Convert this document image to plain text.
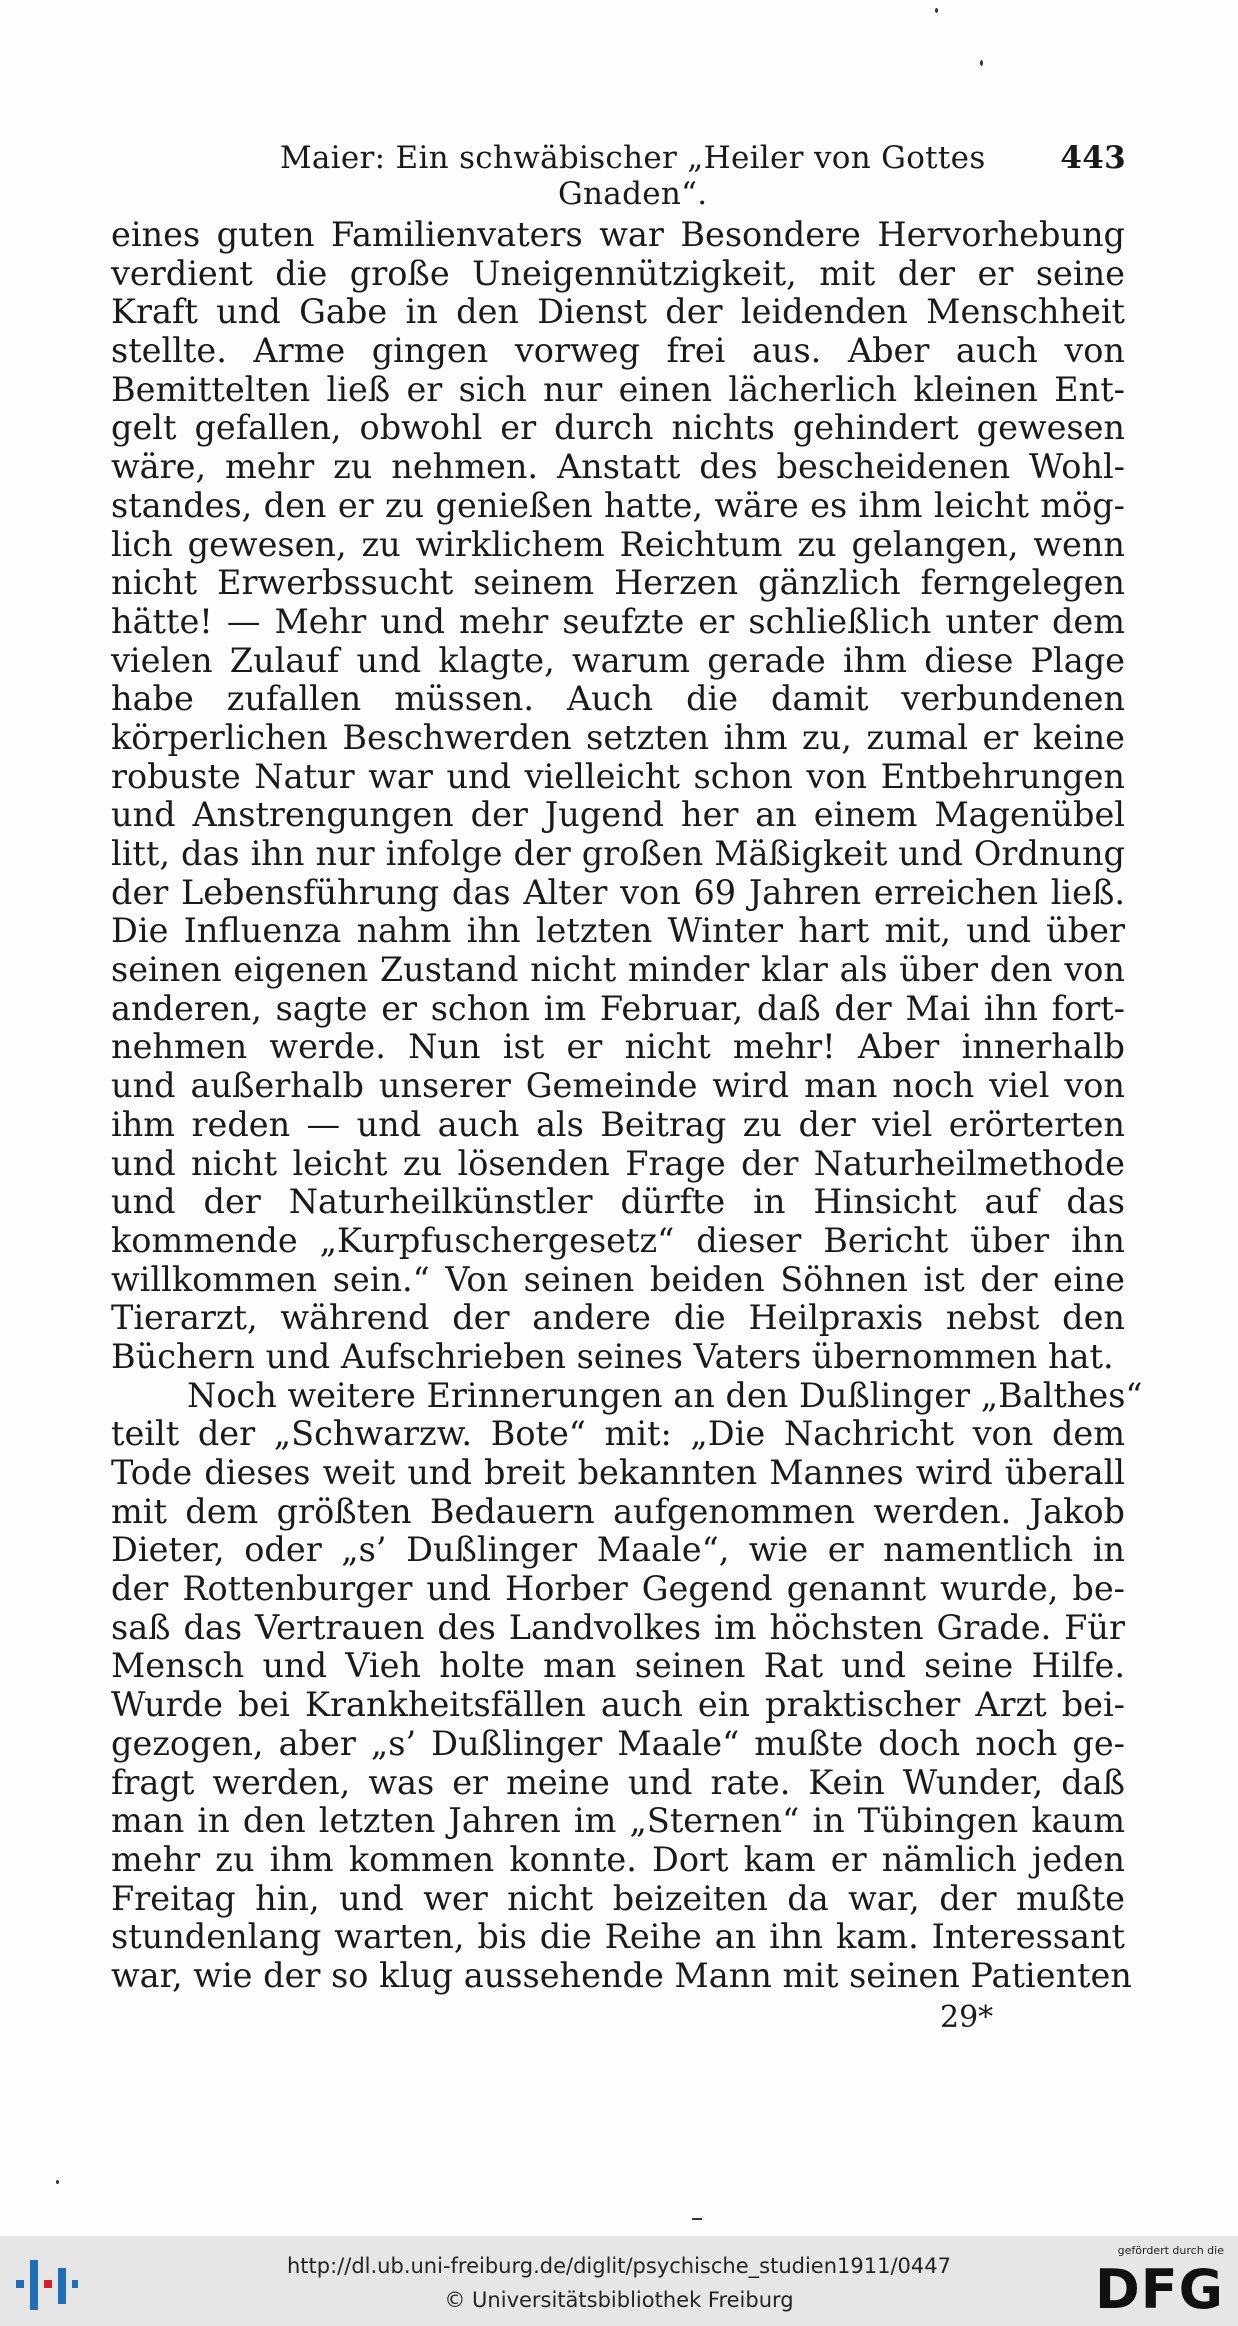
Maier: Ein schwäbischer „Heiler von Gottes Gnaden“.
443
eines guten Familienvaters war Besondere Hervorhebung
verdient die große Uneigennützigkeit, mit der er seine
Kraft und Gabe in den Dienst der leidenden Menschheit
stellte. Arme gingen vorweg frei aus. Aber auch von
Bemittelten ließ er sich nur einen lächerlich kleinen Ent-
gelt gefallen, obwohl er durch nichts gehindert gewesen
wäre, mehr zu nehmen. Anstatt des bescheidenen Wohl-
standes, den er zu genießen hatte, wäre es ihm leicht mög-
lich gewesen, zu wirklichem Reichtum zu gelangen, wenn
nicht Erwerbssucht seinem Herzen gänzlich ferngelegen
hätte! — Mehr und mehr seufzte er schließlich unter dem
vielen Zulauf und klagte, warum gerade ihm diese Plage
habe zufallen müssen. Auch die damit verbundenen
körperlichen Beschwerden setzten ihm zu, zumal er keine
robuste Natur war und vielleicht schon von Entbehrungen
und Anstrengungen der Jugend her an einem Magenübel
litt, das ihn nur infolge der großen Mäßigkeit und Ordnung
der Lebensführung das Alter von 69 Jahren erreichen ließ.
Die Influenza nahm ihn letzten Winter hart mit, und über
seinen eigenen Zustand nicht minder klar als über den von
anderen, sagte er schon im Februar, daß der Mai ihn fort-
nehmen werde. Nun ist er nicht mehr! Aber innerhalb
und außerhalb unserer Gemeinde wird man noch viel von
ihm reden — und auch als Beitrag zu der viel erörterten
und nicht leicht zu lösenden Frage der Naturheilmethode
und der Naturheilkünstler dürfte in Hinsicht auf das
kommende „Kurpfuschergesetz“ dieser Bericht über ihn
willkommen sein.“ Von seinen beiden Söhnen ist der eine
Tierarzt, während der andere die Heilpraxis nebst den
Büchern und Aufschrieben seines Vaters übernommen hat.
Noch weitere Erinnerungen an den Dußlinger „Balthes“
teilt der „Schwarzw. Bote“ mit: „Die Nachricht von dem
Tode dieses weit und breit bekannten Mannes wird überall
mit dem größten Bedauern aufgenommen werden. Jakob
Dieter, oder „s’ Dußlinger Maale“, wie er namentlich in
der Rottenburger und Horber Gegend genannt wurde, be-
saß das Vertrauen des Landvolkes im höchsten Grade. Für
Mensch und Vieh holte man seinen Rat und seine Hilfe.
Wurde bei Krankheitsfällen auch ein praktischer Arzt bei-
gezogen, aber „s’ Dußlinger Maale“ mußte doch noch ge-
fragt werden, was er meine und rate. Kein Wunder, daß
man in den letzten Jahren im „Sternen“ in Tübingen kaum
mehr zu ihm kommen konnte. Dort kam er nämlich jeden
Freitag hin, und wer nicht beizeiten da war, der mußte
stundenlang warten, bis die Reihe an ihn kam. Interessant
war, wie der so klug aussehende Mann mit seinen Patienten
29*
http://dl.ub.uni-freiburg.de/diglit/psychische_studien1911/0447
© Universitätsbibliothek Freiburg
gefördert durch die
DFG
